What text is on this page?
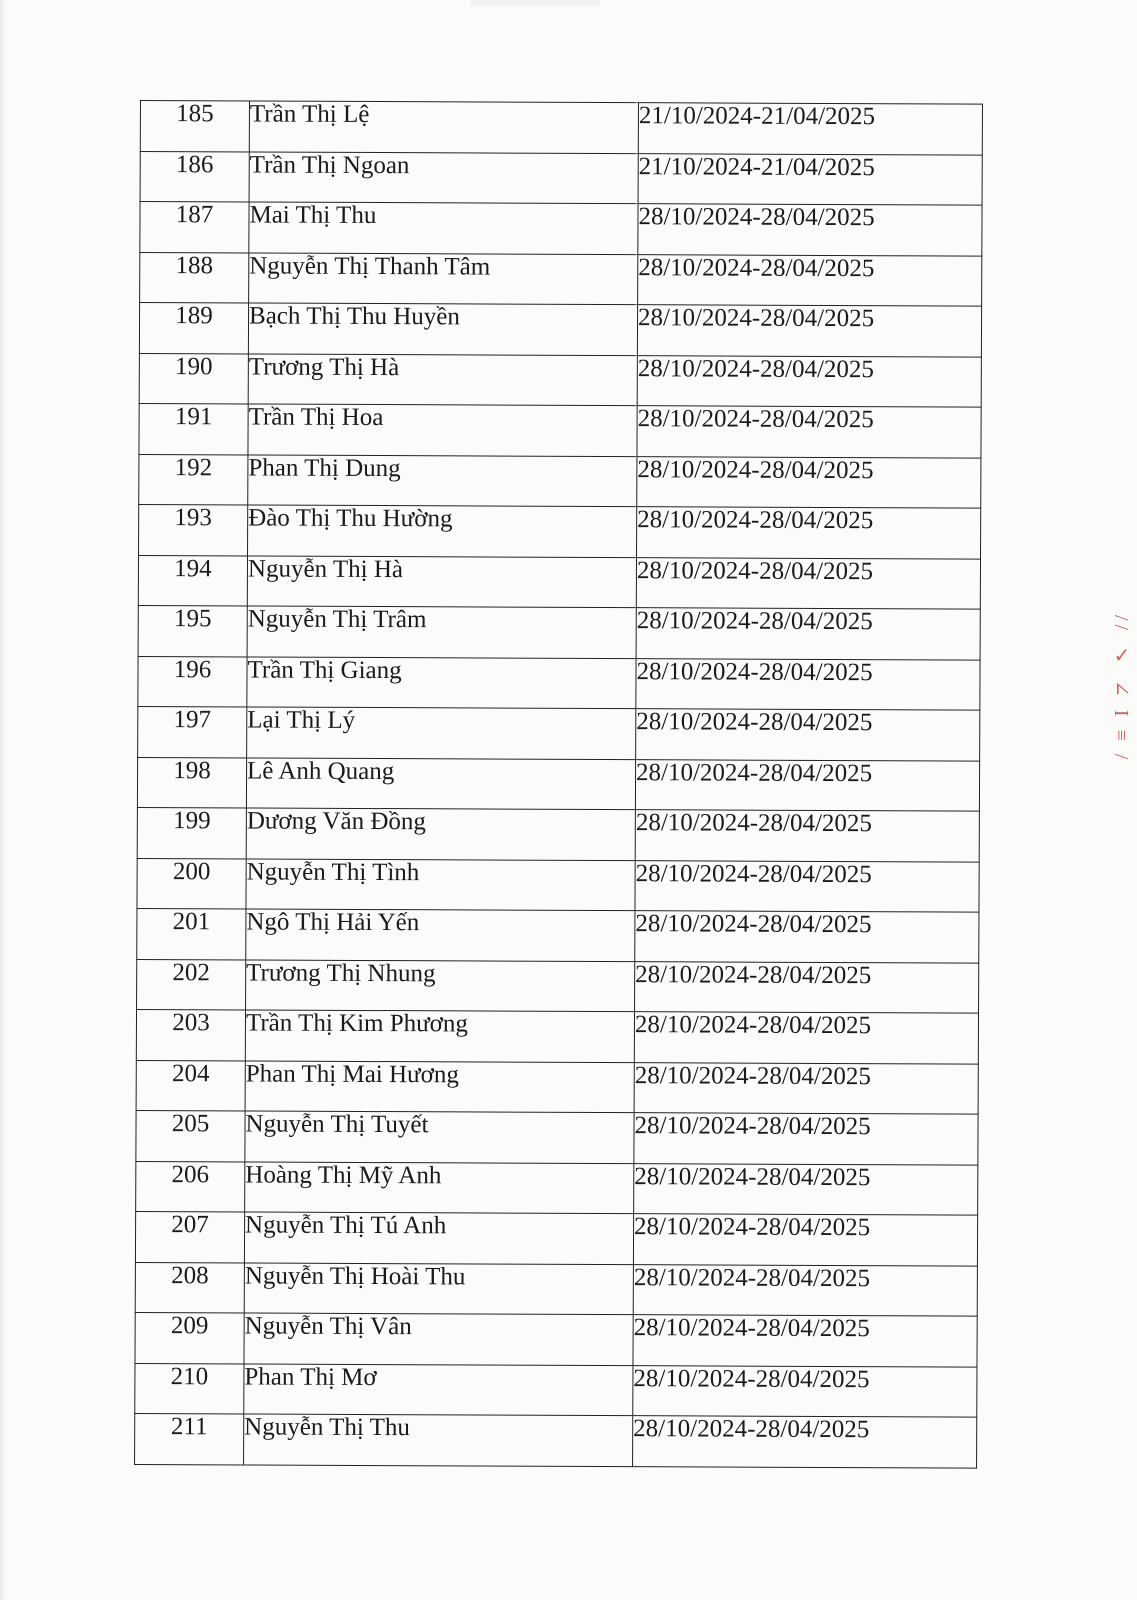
185	Trần Thị Lệ	21/10/2024-21/04/2025
186	Trần Thị Ngoan	21/10/2024-21/04/2025
187	Mai Thị Thu	28/10/2024-28/04/2025
188	Nguyễn Thị Thanh Tâm	28/10/2024-28/04/2025
189	Bạch Thị Thu Huyền	28/10/2024-28/04/2025
190	Trương Thị Hà	28/10/2024-28/04/2025
191	Trần Thị Hoa	28/10/2024-28/04/2025
192	Phan Thị Dung	28/10/2024-28/04/2025
193	Đào Thị Thu Hường	28/10/2024-28/04/2025
194	Nguyễn Thị Hà	28/10/2024-28/04/2025
195	Nguyễn Thị Trâm	28/10/2024-28/04/2025
196	Trần Thị Giang	28/10/2024-28/04/2025
197	Lại Thị Lý	28/10/2024-28/04/2025
198	Lê Anh Quang	28/10/2024-28/04/2025
199	Dương Văn Đồng	28/10/2024-28/04/2025
200	Nguyễn Thị Tình	28/10/2024-28/04/2025
201	Ngô Thị Hải Yến	28/10/2024-28/04/2025
202	Trương Thị Nhung	28/10/2024-28/04/2025
203	Trần Thị Kim Phương	28/10/2024-28/04/2025
204	Phan Thị Mai Hương	28/10/2024-28/04/2025
205	Nguyễn Thị Tuyết	28/10/2024-28/04/2025
206	Hoàng Thị Mỹ Anh	28/10/2024-28/04/2025
207	Nguyễn Thị Tú Anh	28/10/2024-28/04/2025
208	Nguyễn Thị Hoài Thu	28/10/2024-28/04/2025
209	Nguyễn Thị Vân	28/10/2024-28/04/2025
210	Phan Thị Mơ	28/10/2024-28/04/2025
211	Nguyễn Thị Thu	28/10/2024-28/04/2025
// ✓ ∠ I ≡ /
